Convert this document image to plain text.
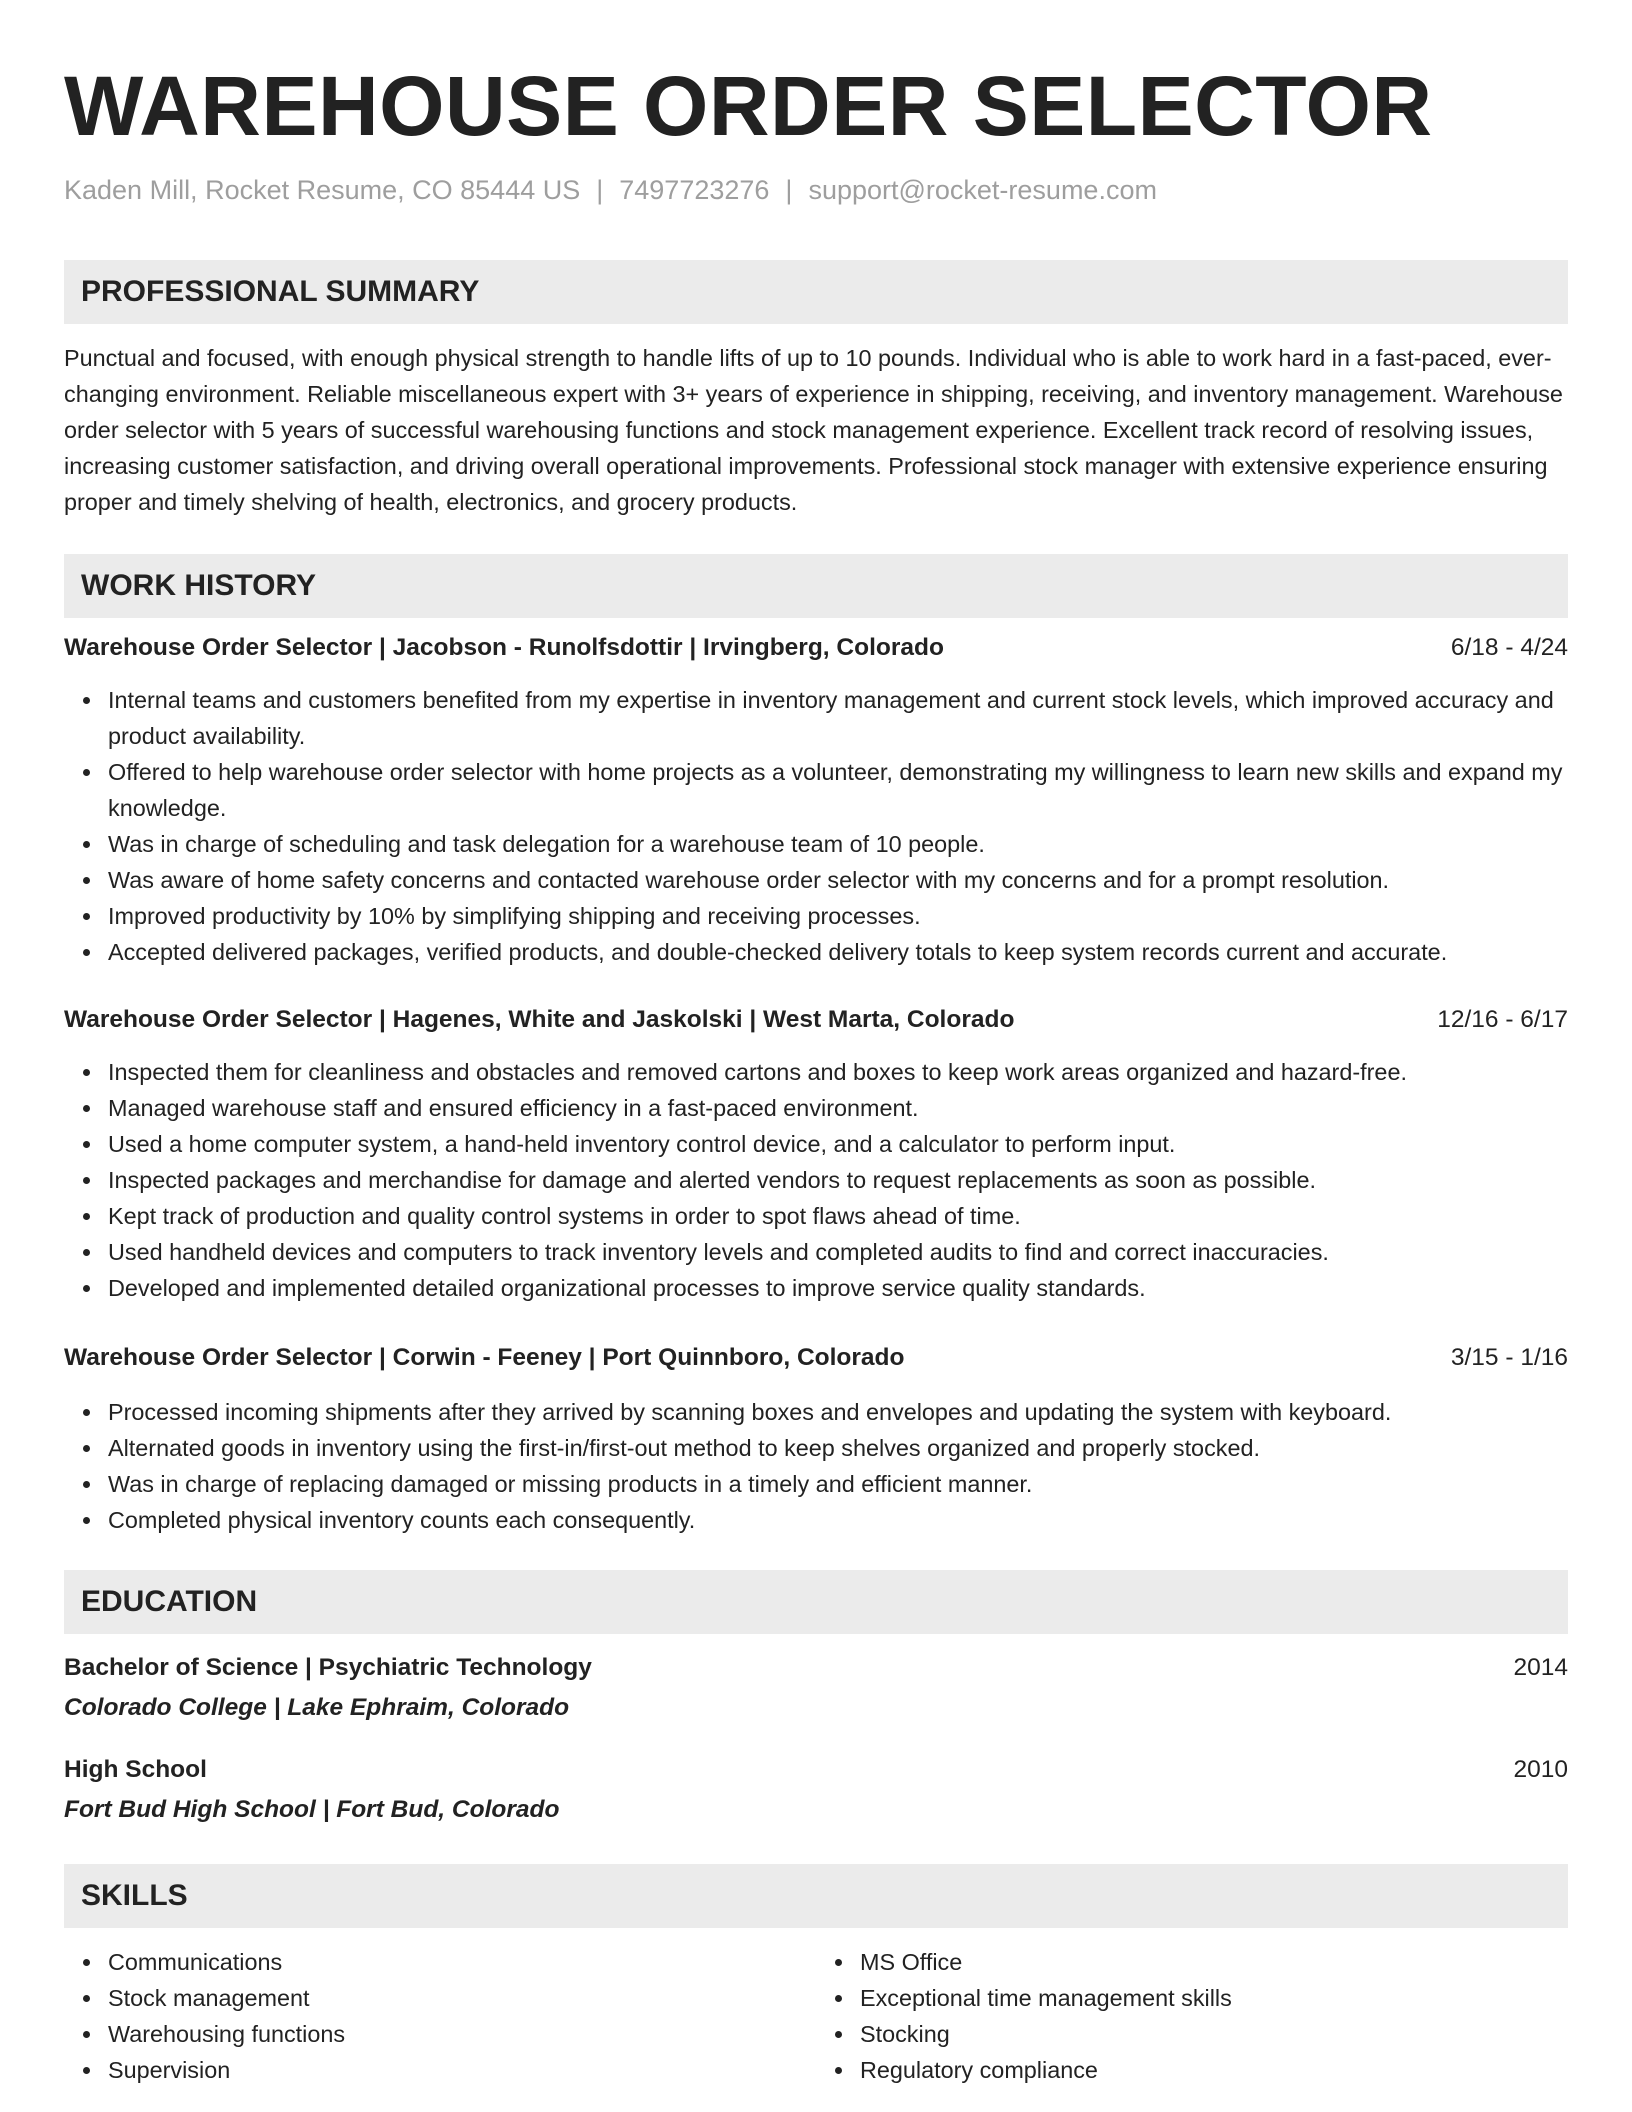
WAREHOUSE ORDER SELECTOR
Kaden Mill, Rocket Resume, CO 85444 US | 7497723276 | support@rocket-resume.com
PROFESSIONAL SUMMARY
Punctual and focused, with enough physical strength to handle lifts of up to 10 pounds. Individual who is able to work hard in a fast-paced, ever-changing environment. Reliable miscellaneous expert with 3+ years of experience in shipping, receiving, and inventory management. Warehouse order selector with 5 years of successful warehousing functions and stock management experience. Excellent track record of resolving issues, increasing customer satisfaction, and driving overall operational improvements. Professional stock manager with extensive experience ensuring proper and timely shelving of health, electronics, and grocery products.
WORK HISTORY
Warehouse Order Selector | Jacobson - Runolfsdottir | Irvingberg, Colorado	6/18 - 4/24
Internal teams and customers benefited from my expertise in inventory management and current stock levels, which improved accuracy and product availability.
Offered to help warehouse order selector with home projects as a volunteer, demonstrating my willingness to learn new skills and expand my knowledge.
Was in charge of scheduling and task delegation for a warehouse team of 10 people.
Was aware of home safety concerns and contacted warehouse order selector with my concerns and for a prompt resolution.
Improved productivity by 10% by simplifying shipping and receiving processes.
Accepted delivered packages, verified products, and double-checked delivery totals to keep system records current and accurate.
Warehouse Order Selector | Hagenes, White and Jaskolski | West Marta, Colorado	12/16 - 6/17
Inspected them for cleanliness and obstacles and removed cartons and boxes to keep work areas organized and hazard-free.
Managed warehouse staff and ensured efficiency in a fast-paced environment.
Used a home computer system, a hand-held inventory control device, and a calculator to perform input.
Inspected packages and merchandise for damage and alerted vendors to request replacements as soon as possible.
Kept track of production and quality control systems in order to spot flaws ahead of time.
Used handheld devices and computers to track inventory levels and completed audits to find and correct inaccuracies.
Developed and implemented detailed organizational processes to improve service quality standards.
Warehouse Order Selector | Corwin - Feeney | Port Quinnboro, Colorado	3/15 - 1/16
Processed incoming shipments after they arrived by scanning boxes and envelopes and updating the system with keyboard.
Alternated goods in inventory using the first-in/first-out method to keep shelves organized and properly stocked.
Was in charge of replacing damaged or missing products in a timely and efficient manner.
Completed physical inventory counts each consequently.
EDUCATION
Bachelor of Science | Psychiatric Technology	2014
Colorado College | Lake Ephraim, Colorado
High School	2010
Fort Bud High School | Fort Bud, Colorado
SKILLS
Communications
Stock management
Warehousing functions
Supervision
MS Office
Exceptional time management skills
Stocking
Regulatory compliance
